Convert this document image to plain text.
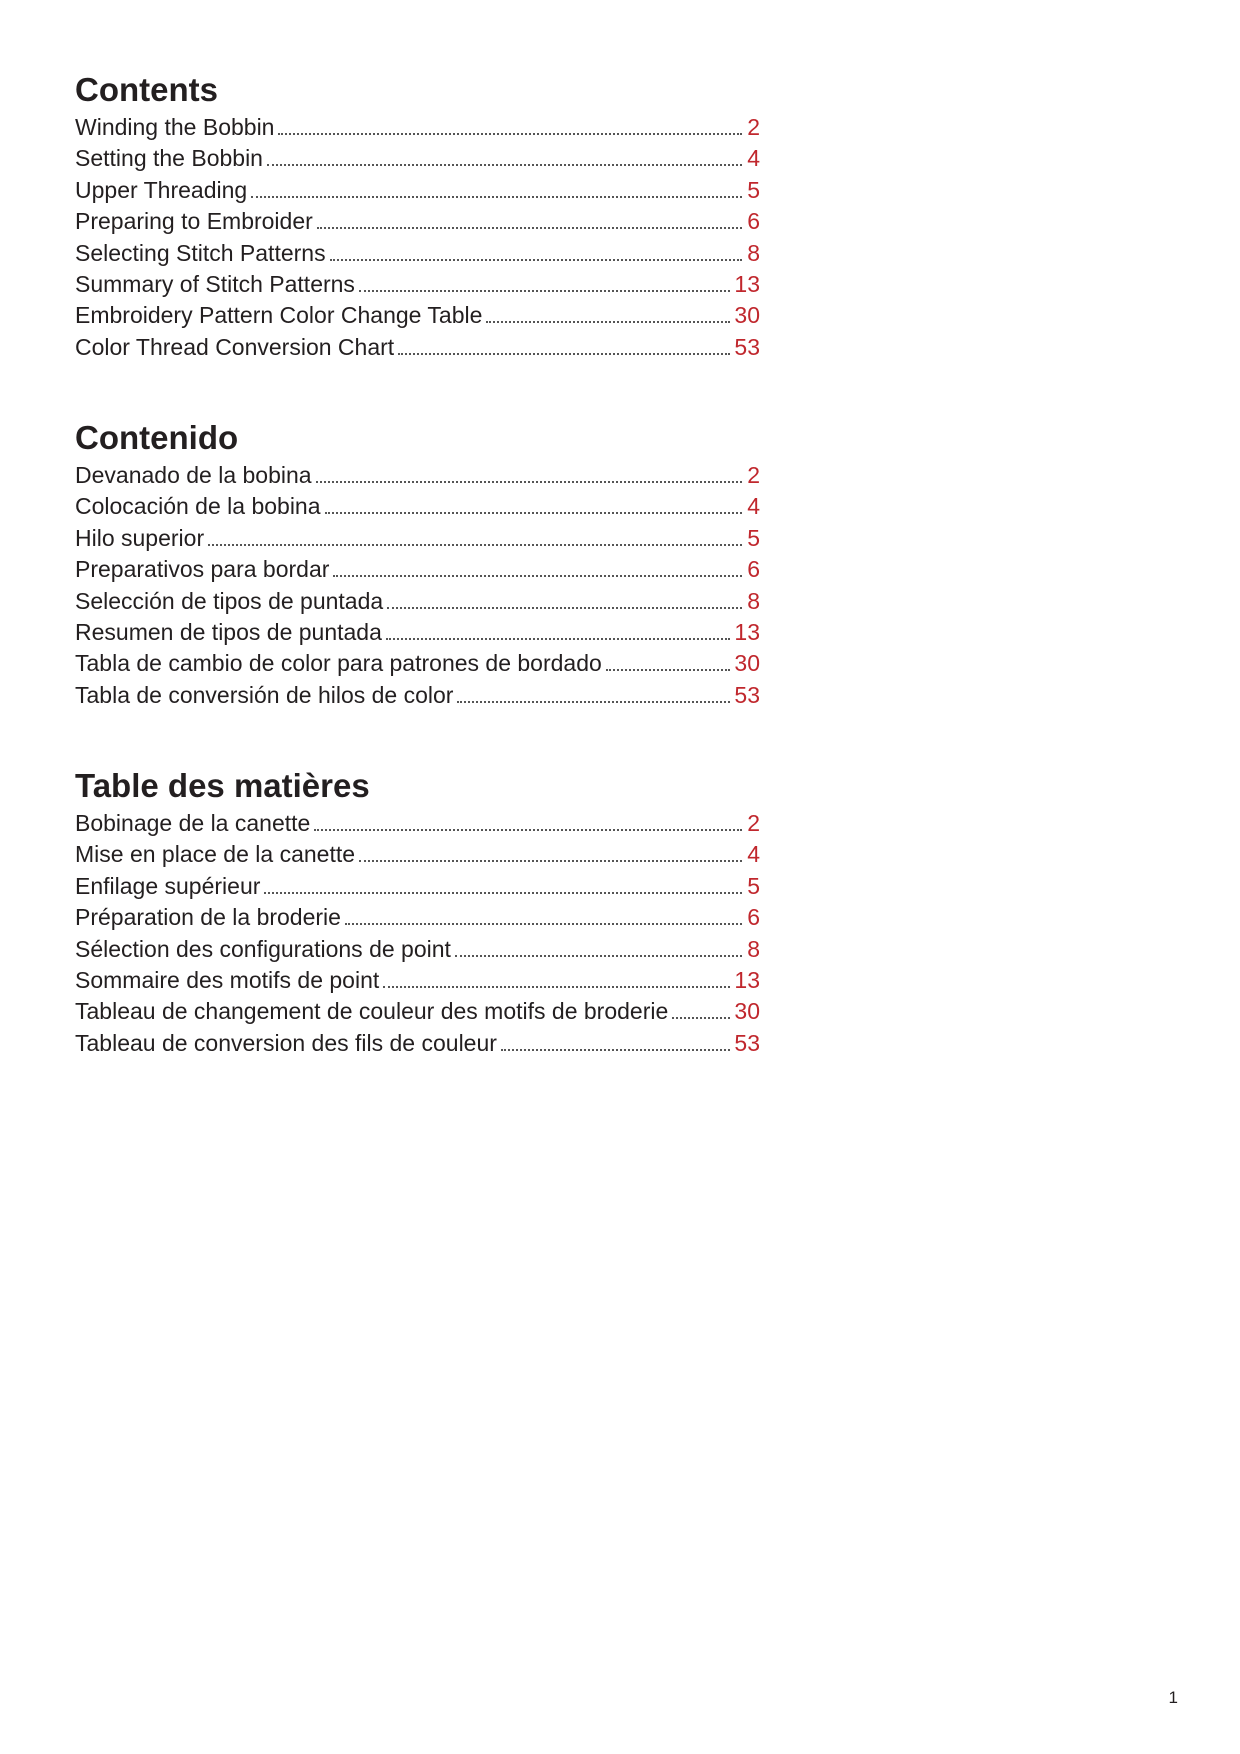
Contents
Winding the Bobbin	2
Setting the Bobbin	4
Upper Threading	5
Preparing to Embroider	6
Selecting Stitch Patterns	8
Summary of Stitch Patterns	13
Embroidery Pattern Color Change Table	30
Color Thread Conversion Chart	53
Contenido
Devanado de la bobina	2
Colocación de la bobina	4
Hilo superior	5
Preparativos para bordar	6
Selección de tipos de puntada	8
Resumen de tipos de puntada	13
Tabla de cambio de color para patrones de bordado	30
Tabla de conversión de hilos de color	53
Table des matières
Bobinage de la canette	2
Mise en place de la canette	4
Enfilage supérieur	5
Préparation de la broderie	6
Sélection des configurations de point	8
Sommaire des motifs de point	13
Tableau de changement de couleur des motifs de broderie	30
Tableau de conversion des fils de couleur	53
1
